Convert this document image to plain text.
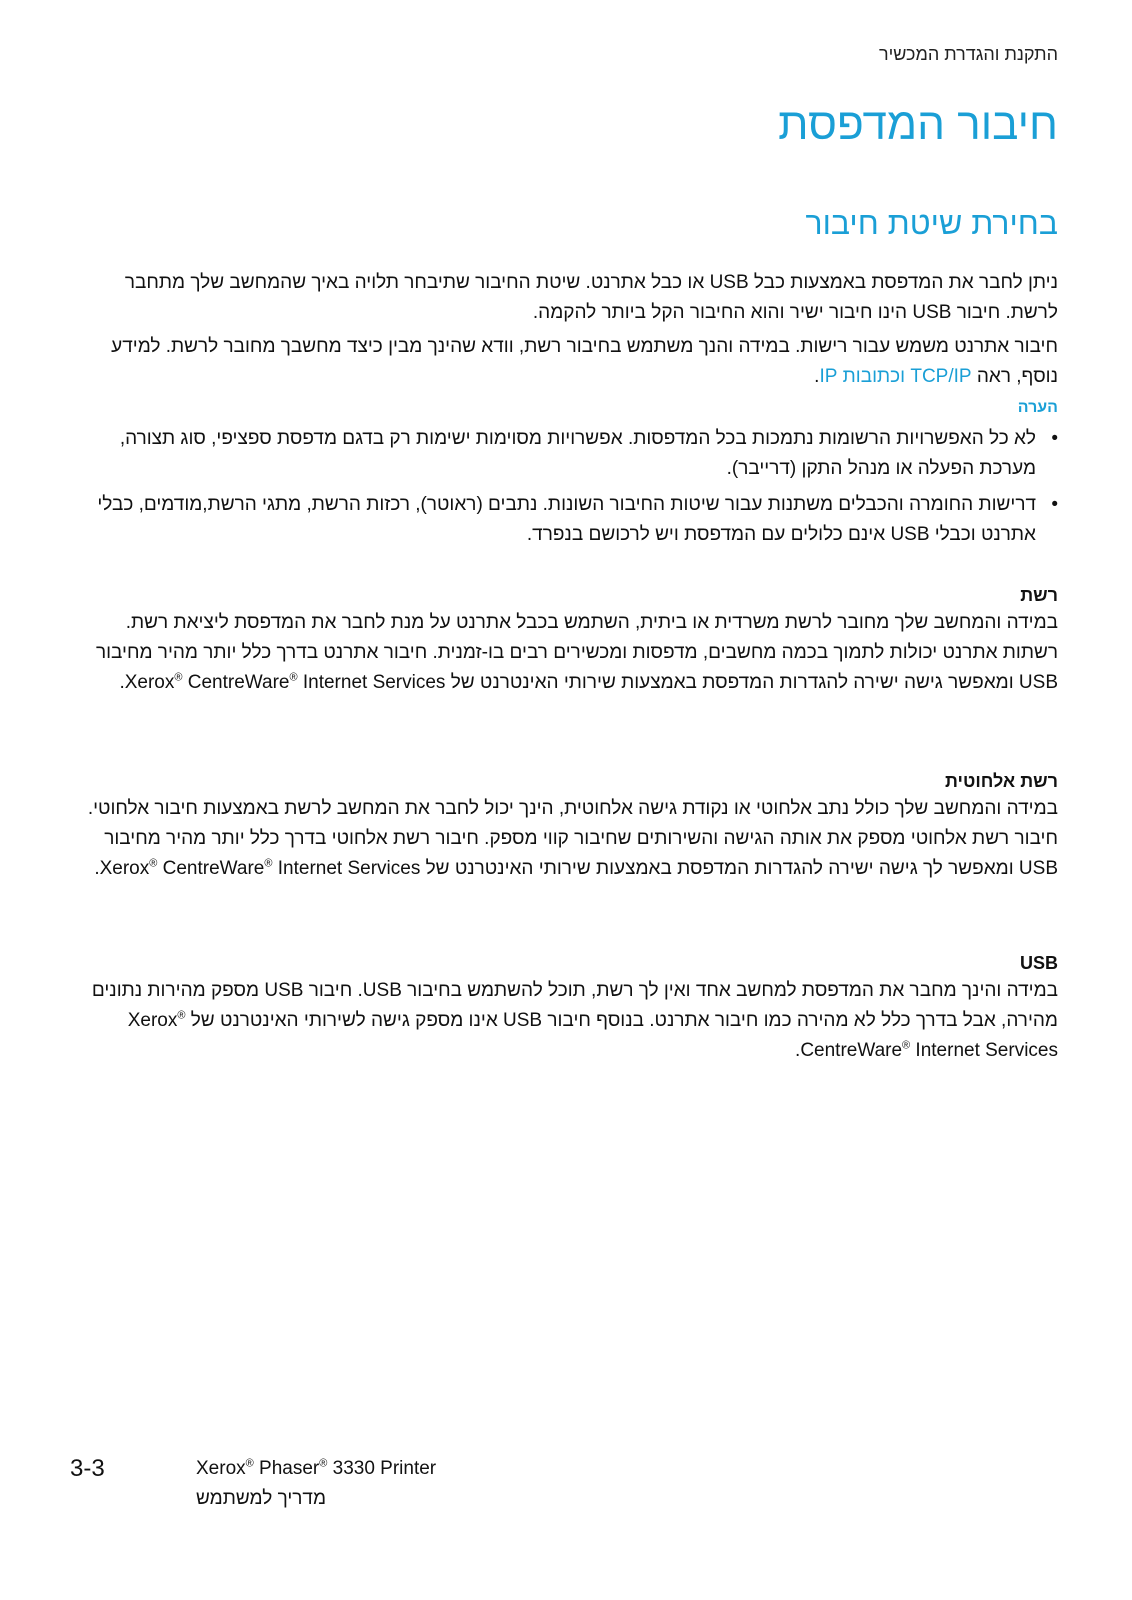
התקנת והגדרת המכשיר
חיבור המדפסת
בחירת שיטת חיבור

ניתן לחבר את המדפסת באמצעות כבל USB או כבל אתרנט. שיטת החיבור שתיבחר תלויה באיך שהמחשב שלך מתחבר לרשת. חיבור USB הינו חיבור ישיר והוא החיבור הקל ביותר להקמה.

חיבור אתרנט משמש עבור רישות. במידה והנך משתמש בחיבור רשת, וודא שהינך מבין כיצד מחשבך מחובר לרשת. למידע נוסף, ראה TCP/IP וכתובות IP.

הערה
•
לא כל האפשרויות הרשומות נתמכות בכל המדפסות. אפשרויות מסוימות ישימות רק בדגם מדפסת ספציפי, סוג תצורה, מערכת הפעלה או מנהל התקן (דרייבר).
•
דרישות החומרה והכבלים משתנות עבור שיטות החיבור השונות. נתבים (ראוטר), רכזות הרשת, מתגי הרשת,מודמים, כבלי אתרנט וכבלי USB אינם כלולים עם המדפסת ויש לרכושם בנפרד.
רשת

במידה והמחשב שלך מחובר לרשת משרדית או ביתית, השתמש בכבל אתרנט על מנת לחבר את המדפסת ליציאת רשת. רשתות אתרנט יכולות לתמוך בכמה מחשבים, מדפסות ומכשירים רבים בו-זמנית. חיבור אתרנט בדרך כלל יותר מהיר מחיבור USB ומאפשר גישה ישירה להגדרות המדפסת באמצעות שירותי האינטרנט של Xerox® CentreWare® Internet Services.

רשת אלחוטית

במידה והמחשב שלך כולל נתב אלחוטי או נקודת גישה אלחוטית, הינך יכול לחבר את המחשב לרשת באמצעות חיבור אלחוטי. חיבור רשת אלחוטי מספק את אותה הגישה והשירותים שחיבור קווי מספק. חיבור רשת אלחוטי בדרך כלל יותר מהיר מחיבור USB ומאפשר לך גישה ישירה להגדרות המדפסת באמצעות שירותי האינטרנט של Xerox® CentreWare® Internet Services.

USB

במידה והינך מחבר את המדפסת למחשב אחד ואין לך רשת, תוכל להשתמש בחיבור USB. חיבור USB מספק מהירות נתונים מהירה, אבל בדרך כלל לא מהירה כמו חיבור אתרנט. בנוסף חיבור USB אינו מספק גישה לשירותי האינטרנט של Xerox® CentreWare® Internet Services.

3-3	Xerox® Phaser® 3330 Printer
מדריך למשתמש
